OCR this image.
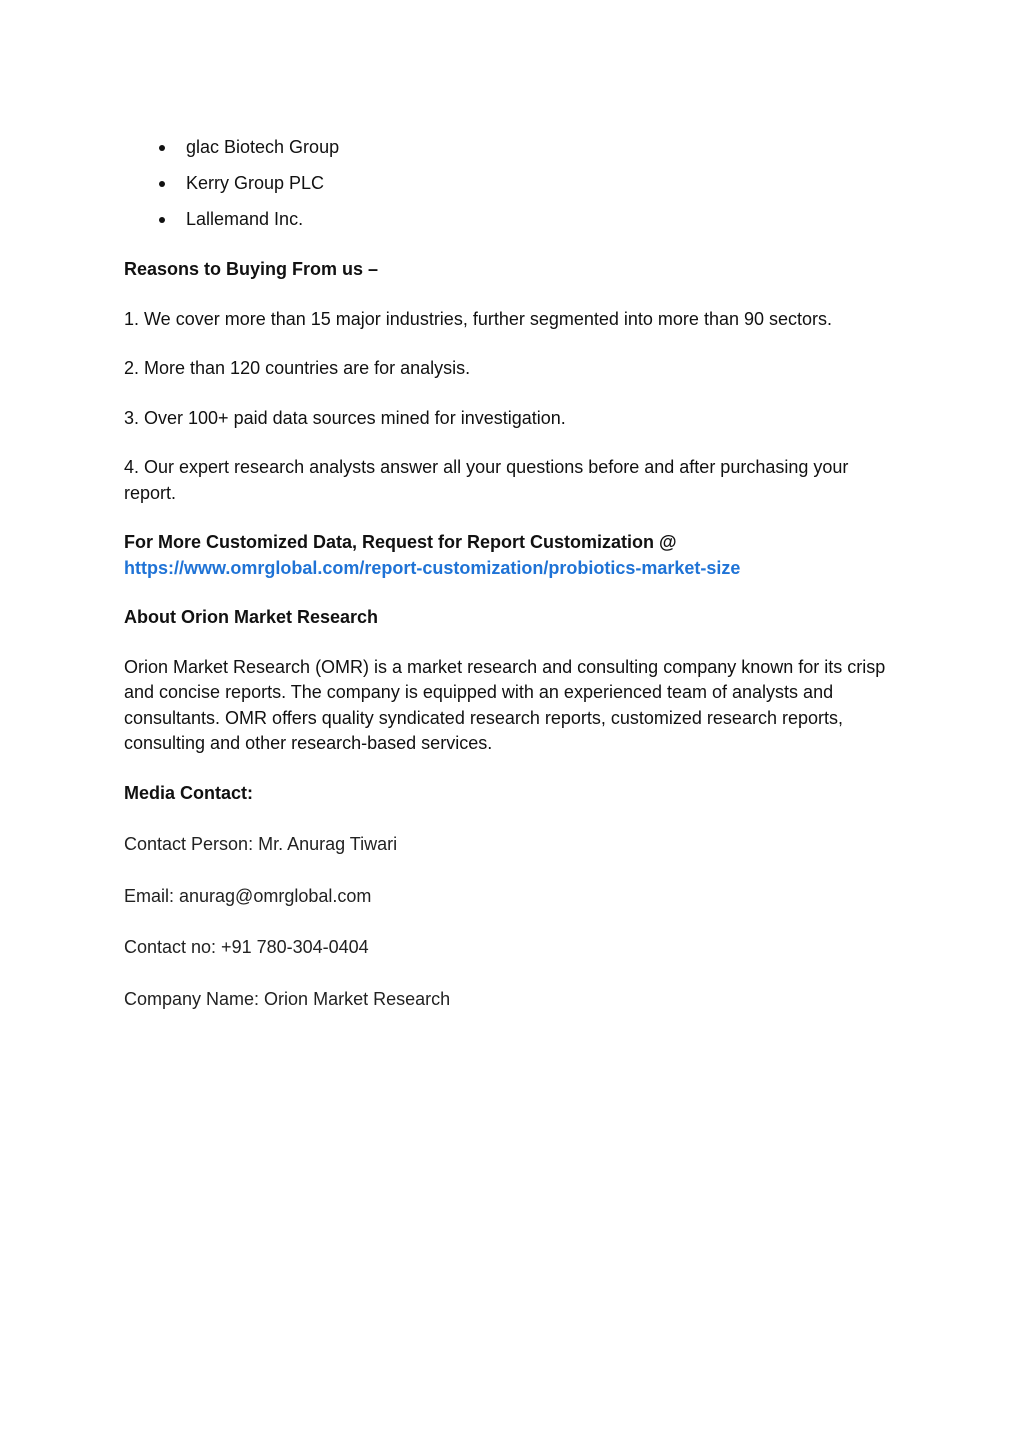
glac Biotech Group
Kerry Group PLC
Lallemand Inc.

Reasons to Buying From us –

1. We cover more than 15 major industries, further segmented into more than 90 sectors.

2. More than 120 countries are for analysis.

3. Over 100+ paid data sources mined for investigation.

4. Our expert research analysts answer all your questions before and after purchasing your report.

For More Customized Data, Request for Report Customization @

https://www.omrglobal.com/report-customization/probiotics-market-size

About Orion Market Research

Orion Market Research (OMR) is a market research and consulting company known for its crisp and concise reports. The company is equipped with an experienced team of analysts and consultants. OMR offers quality syndicated research reports, customized research reports, consulting and other research-based services.

Media Contact:

Contact Person: Mr. Anurag Tiwari

Email: anurag@omrglobal.com

Contact no: +91 780-304-0404

Company Name: Orion Market Research
